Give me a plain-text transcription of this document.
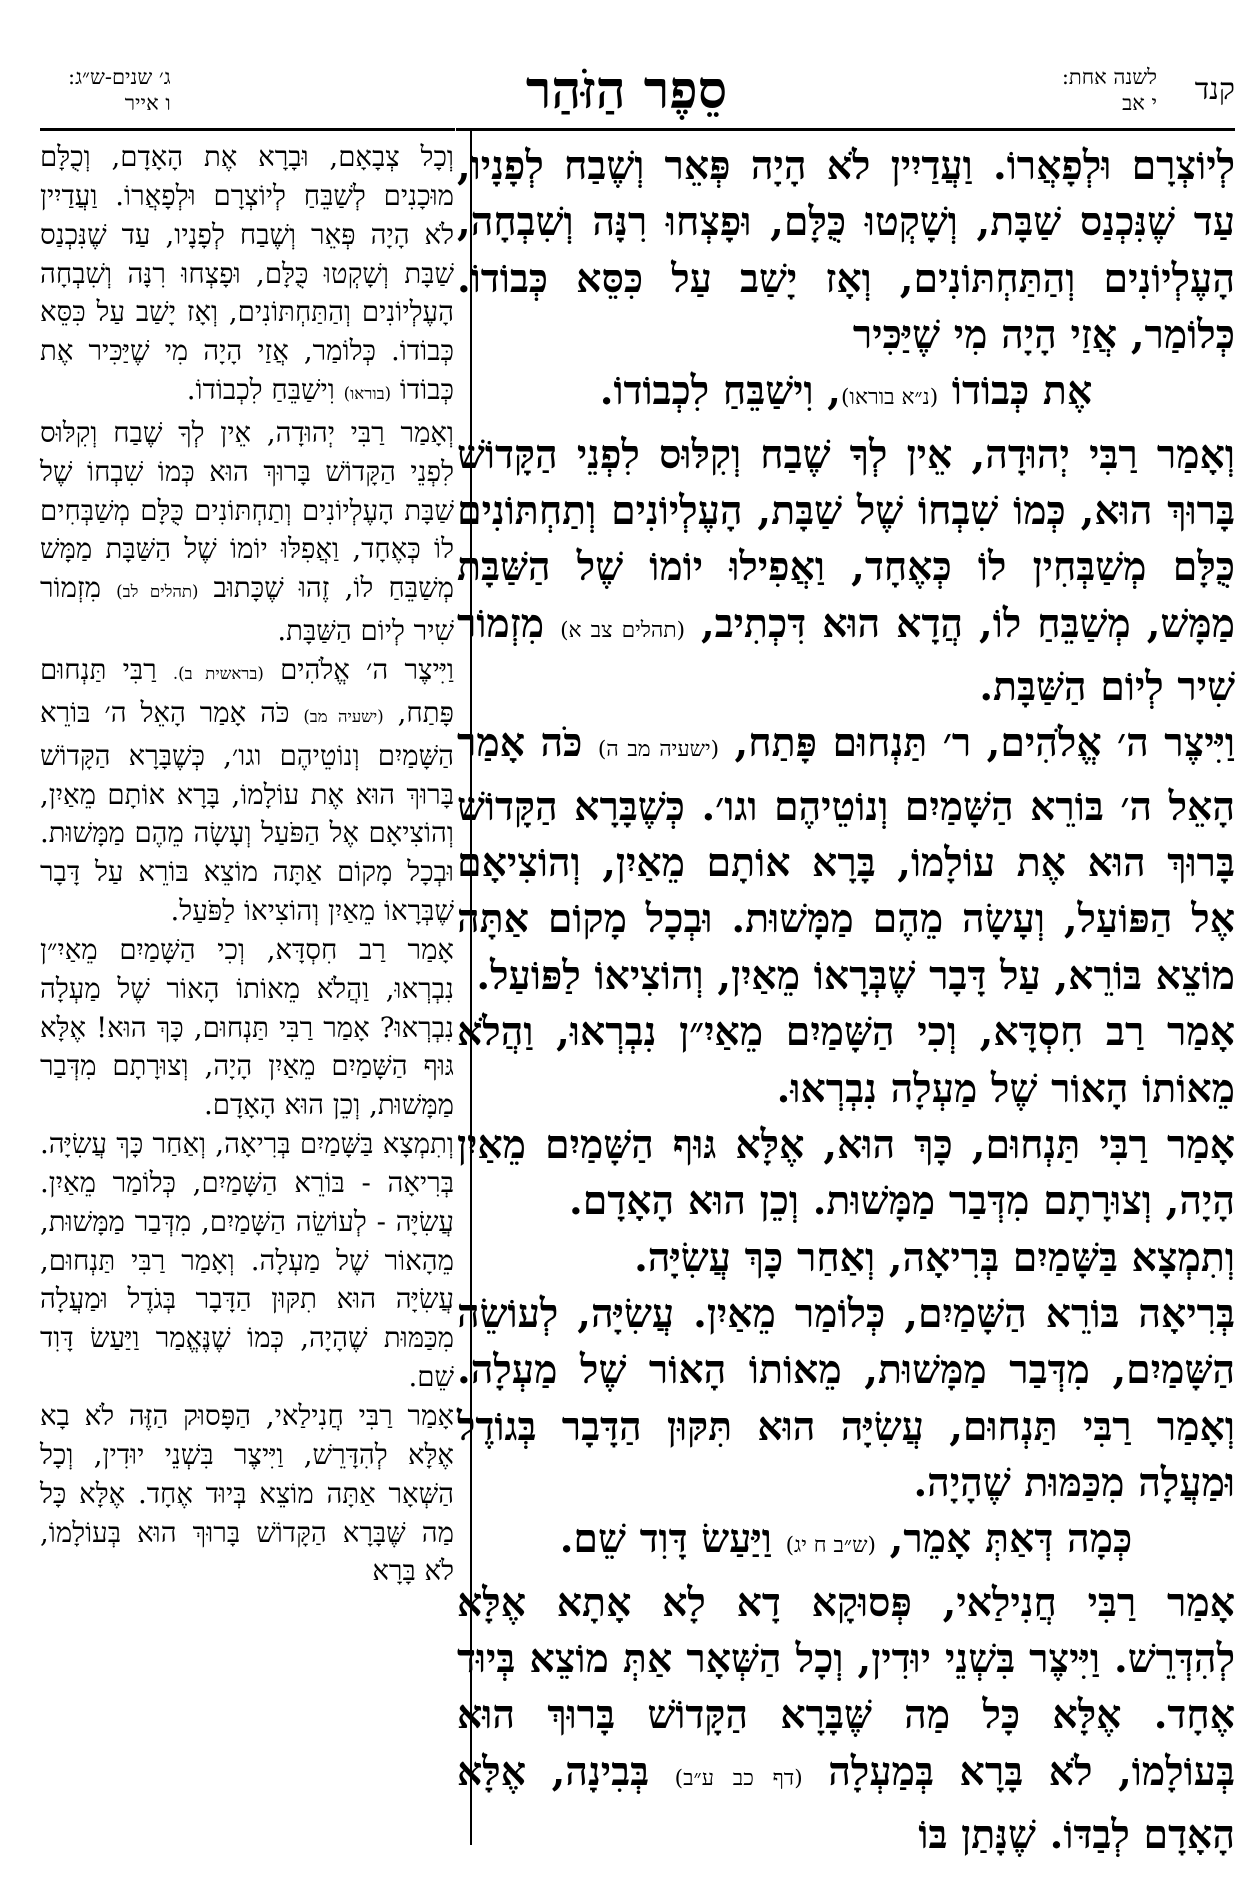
קנד
לשנה אחת:
י אב
סֵפֶר הַזֹּהַר
ג׳ שנים-ש״ג:
ו אייר

לְיוֹצְרָם וּלְפָאֲרוֹ. וַעֲדַיִין לֹא הָיָה פְּאֵר וְשֶׁבַח לְפָנָיו, עַד שֶׁנִּכְנַס שַׁבָּת, וְשָׁקְטוּ כֻּלָּם, וּפָצְחוּ רִנָּה וְשִׁבְחָה, הָעֶלְיוֹנִים וְהַתַּחְתּוֹנִים, וְאָז יָשַׁב עַל כִּסֵּא כְּבוֹדוֹ. כְּלוֹמַר, אֲזַי הָיָה מִי שֶׁיַּכִּיר

אֶת כְּבוֹדוֹ (נ״א בוראו), וִישַׁבֵּחַ לִכְבוֹדוֹ.

וְאָמַר רַבִּי יְהוּדָה, אֵין לְךָ שֶׁבַח וְקִלּוּס לִפְנֵי הַקָּדוֹשׁ בָּרוּךְ הוּא, כְּמוֹ שִׁבְחוֹ שֶׁל שַׁבָּת, הָעֶלְיוֹנִים וְתַחְתּוֹנִים כֻּלָּם מְשַׁבְּחִין לוֹ כְּאֶחָד, וַאֲפִילוּ יוֹמוֹ שֶׁל הַשַּׁבָּת מַמָּשׁ, מְשַׁבֵּחַ לוֹ, הֲדָא הוּא דִּכְתִיב, (תהלים צב א) מִזְמוֹר שִׁיר לְיוֹם הַשַּׁבָּת.

וַיִּיצֶר ה׳ אֱלֹהִים, ר׳ תַּנְחוּם פָּתַח, (ישעיה מב ה) כֹּה אָמַר הָאֵל ה׳ בּוֹרֵא הַשָּׁמַיִם וְנוֹטֵיהֶם וגו׳. כְּשֶׁבָּרָא הַקָּדוֹשׁ בָּרוּךְ הוּא אֶת עוֹלָמוֹ, בָּרָא אוֹתָם מֵאַיִן, וְהוֹצִיאָם אֶל הַפּוֹעַל, וְעָשָׂה מֵהֶם מַמָּשׁוּת. וּבְכָל מָקוֹם אַתָּה מוֹצֵא בּוֹרֵא, עַל דָּבָר שֶׁבְּרָאוֹ מֵאַיִן, וְהוֹצִיאוֹ לַפּוֹעַל.

אָמַר רַב חִסְדָּא, וְכִי הַשָּׁמַיִם מֵאַיִ״ן נִבְרְאוּ, וַהֲלֹא מֵאוֹתוֹ הָאוֹר שֶׁל מַעְלָה נִבְרְאוּ.

אָמַר רַבִּי תַּנְחוּם, כָּךְ הוּא, אֶלָּא גּוּף הַשָּׁמַיִם מֵאַיִן הָיָה, וְצוּרָתָם מִדְּבַר מַמָּשׁוּת. וְכֵן הוּא הָאָדָם.

וְתִמְצָא בַּשָּׁמַיִם בְּרִיאָה, וְאַחַר כָּךְ עֲשִׂיָּה.

בְּרִיאָה בּוֹרֵא הַשָּׁמַיִם, כְּלוֹמַר מֵאַיִן. עֲשִׂיָּה, לְעוֹשֵׂה הַשָּׁמַיִם, מִדְּבַר מַמָּשׁוּת, מֵאוֹתוֹ הָאוֹר שֶׁל מַעְלָה. וְאָמַר רַבִּי תַּנְחוּם, עֲשִׂיָּה הוּא תִּקּוּן הַדָּבָר בְּגוֹדֶל וּמַעֲלָה מִכַּמּוּת שֶׁהָיָה.

כְּמָה דְּאַתְּ אָמֵר, (ש״ב ח יג) וַיַּעַשׂ דָּוִד שֵׁם.

אָמַר רַבִּי חֲנִילַאי, פְּסוּקָא דָא לָא אָתָא אֶלָּא לְהִדְּרֵשׁ. וַיִּיצֶר בִּשְׁנֵי יוּדִין, וְכָל הַשְּׁאָר אַתְּ מוֹצֵא בְּיוּד אֶחָד. אֶלָּא כָּל מַה שֶּׁבָּרָא הַקָּדוֹשׁ בָּרוּךְ הוּא בְּעוֹלָמוֹ, לֹא בָּרָא בְּמַעְלָה (דף כב ע״ב) בְּבִינָה, אֶלָּא הָאָדָם לְבַדּוֹ. שֶׁנָּתַן בּוֹ

וְכָל צְבָאָם, וּבָרָא אֶת הָאָדָם, וְכֻלָּם מוּכָנִים לְשַׁבֵּחַ לְיוֹצְרָם וּלְפָאֲרוֹ. וַעֲדַיִין לֹא הָיָה פְּאֵר וְשֶׁבַח לְפָנָיו, עַד שֶׁנִּכְנַס שַׁבָּת וְשָׁקְטוּ כֻּלָּם, וּפָצְחוּ רִנָּה וְשִׁבְחָה הָעֶלְיוֹנִים וְהַתַּחְתּוֹנִים, וְאָז יָשַׁב עַל כִּסֵּא כְּבוֹדוֹ. כְּלוֹמַר, אֲזַי הָיָה מִי שֶׁיַּכִּיר אֶת כְּבוֹדוֹ (בוראו) וִישַׁבֵּחַ לִכְבוֹדוֹ.

וְאָמַר רַבִּי יְהוּדָה, אֵין לְךָ שֶׁבַח וְקִלּוּס לִפְנֵי הַקָּדוֹשׁ בָּרוּךְ הוּא כְּמוֹ שִׁבְחוֹ שֶׁל שַׁבָּת הָעֶלְיוֹנִים וְתַחְתּוֹנִים כֻּלָּם מְשַׁבְּחִים לוֹ כְּאֶחָד, וַאֲפִלּוּ יוֹמוֹ שֶׁל הַשַּׁבָּת מַמָּשׁ מְשַׁבֵּחַ לוֹ, זֶהוּ שֶׁכָּתוּב (תהלים לב) מִזְמוֹר שִׁיר לְיוֹם הַשַּׁבָּת.

וַיִּיצֶר ה׳ אֱלֹהִים (בראשית ב). רַבִּי תַּנְחוּם פָּתַח, (ישעיה מב) כֹּה אָמַר הָאֵל ה׳ בּוֹרֵא הַשָּׁמַיִם וְנוֹטֵיהֶם וגו׳, כְּשֶׁבָּרָא הַקָּדוֹשׁ בָּרוּךְ הוּא אֶת עוֹלָמוֹ, בָּרָא אוֹתָם מֵאַיִן, וְהוֹצִיאָם אֶל הַפֹּעַל וְעָשָׂה מֵהֶם מַמָּשׁוּת. וּבְכָל מָקוֹם אַתָּה מוֹצֵא בּוֹרֵא עַל דָּבָר שֶׁבְּרָאוֹ מֵאַיִן וְהוֹצִיאוֹ לַפֹּעַל.

אָמַר רַב חִסְדָּא, וְכִי הַשָּׁמַיִם מֵאַיִ״ן נִבְרְאוּ, וַהֲלֹא מֵאוֹתוֹ הָאוֹר שֶׁל מַעְלָה נִבְרְאוּ? אָמַר רַבִּי תַּנְחוּם, כָּךְ הוּא! אֶלָּא גּוּף הַשָּׁמַיִם מֵאַיִן הָיָה, וְצוּרָתָם מִדְּבַר מַמָּשׁוּת, וְכֵן הוּא הָאָדָם.

וְתִמְצָא בַּשָּׁמַיִם בְּרִיאָה, וְאַחַר כָּךְ עֲשִׂיָּה. בְּרִיאָה - בּוֹרֵא הַשָּׁמַיִם, כְּלוֹמַר מֵאַיִן. עֲשִׂיָּה - לְעוֹשֵׂה הַשָּׁמַיִם, מִדְּבַר מַמָּשׁוּת, מֵהָאוֹר שֶׁל מַעְלָה. וְאָמַר רַבִּי תַּנְחוּם, עֲשִׂיָּה הוּא תִקּוּן הַדָּבָר בְּגֹדֶל וּמַעֲלָה מִכַּמּוּת שֶׁהָיָה, כְּמוֹ שֶׁנֶּאֱמַר וַיַּעַשׂ דָּוִד שֵׁם.

אָמַר רַבִּי חֲנִילַאי, הַפָּסוּק הַזֶּה לֹא בָא אֶלָּא לְהִדָּרֵשׁ, וַיִּיצֶר בִּשְׁנֵי יוּדִין, וְכָל הַשְּׁאָר אַתָּה מוֹצֵא בְּיוּד אֶחָד. אֶלָּא כָּל מַה שֶּׁבָּרָא הַקָּדוֹשׁ בָּרוּךְ הוּא בְּעוֹלָמוֹ, לֹא בָּרָא
